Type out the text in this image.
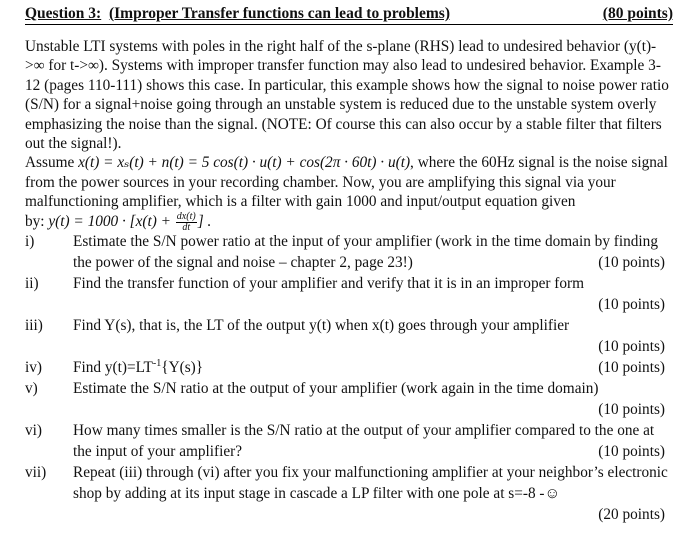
Question 3: (Improper Transfer functions can lead to problems)	(80 points)

Unstable LTI systems with poles in the right half of the s-plane (RHS) lead to undesired behavior (y(t)->∞ for t->∞). Systems with improper transfer function may also lead to undesired behavior. Example 3-12 (pages 110-111) shows this case. In particular, this example shows how the signal to noise power ratio (S/N) for a signal+noise going through an unstable system is reduced due to the unstable system overly emphasizing the noise than the signal. (NOTE: Of course this can also occur by a stable filter that filters out the signal!).

Assume x(t) = xₛ(t) + n(t) = 5 cos(t) · u(t) + cos(2π · 60t) · u(t), where the 60Hz signal is the noise signal from the power sources in your recording chamber. Now, you are amplifying this signal via your malfunctioning amplifier, which is a filter with gain 1000 and input/output equation given

by: $y(t) = 1000 \cdot [x(t) + \frac{dx(t)}{dt}$ ] .

i)	Estimate the S/N power ratio at the input of your amplifier (work in the time domain by finding the power of the signal and noise – chapter 2, page 23!)	(10 points)
ii) Find the transfer function of your amplifier and verify that it is in an improper form
(10 points)
iii) Find Y(s), that is, the LT of the output y(t) when x(t) goes through your amplifier
(10 points)
iv) Find $y(t)=LT^{-1}\{Y(s)\}$	(10 points)
v) Estimate the S/N ratio at the output of your amplifier (work again in the time domain)
(10 points)
vi) How many times smaller is the S/N ratio at the output of your amplifier compared to the one at the input of your amplifier?	(10 points)
vii) Repeat (iii) through (vi) after you fix your malfunctioning amplifier at your neighbor’s electronic shop by adding at its input stage in cascade a LP filter with one pole at s=-8 -☺
(20 points)
